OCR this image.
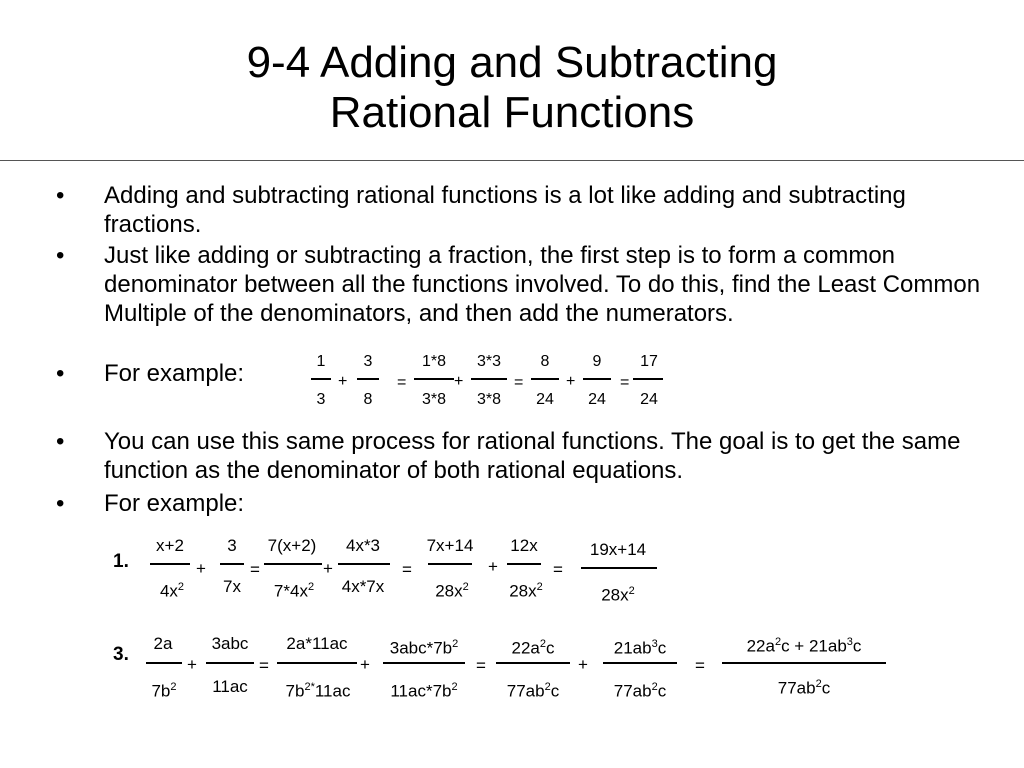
9-4 Adding and Subtracting
Rational Functions
• Adding and subtracting rational functions is a lot like adding and subtracting fractions.
• Just like adding or subtracting a fraction, the first step is to form a common denominator between all the functions involved. To do this, find the Least Common Multiple of the denominators, and then add the numerators.
• For example:
• You can use this same process for rational functions. The goal is to get the same function as the denominator of both rational equations.
• For example:
1
3
+
3
8
=
1*8
3*8
+
3*3
3*8
=
8
24
+
9
24
=
17
24
1.
x+2
$4x^2$
+
3
7x
=
7(x+2)
$7*4x^2$
+
4x*3
4x*7x
=
7x+14
$28x^2$
+
12x
$28x^2$
=
19x+14
$28x^2$
3.
2a
$7b^2$
+
3abc
11ac
=
2a*11ac
$7b^{2*}11ac$
+
$3abc*7b^2$
$11ac*7b^2$
=
$22a^2c$
$77ab^2c$
+
$21ab^3c$
$77ab^2c$
=
$22a^2c + 21ab^3c$
$77ab^2c$
